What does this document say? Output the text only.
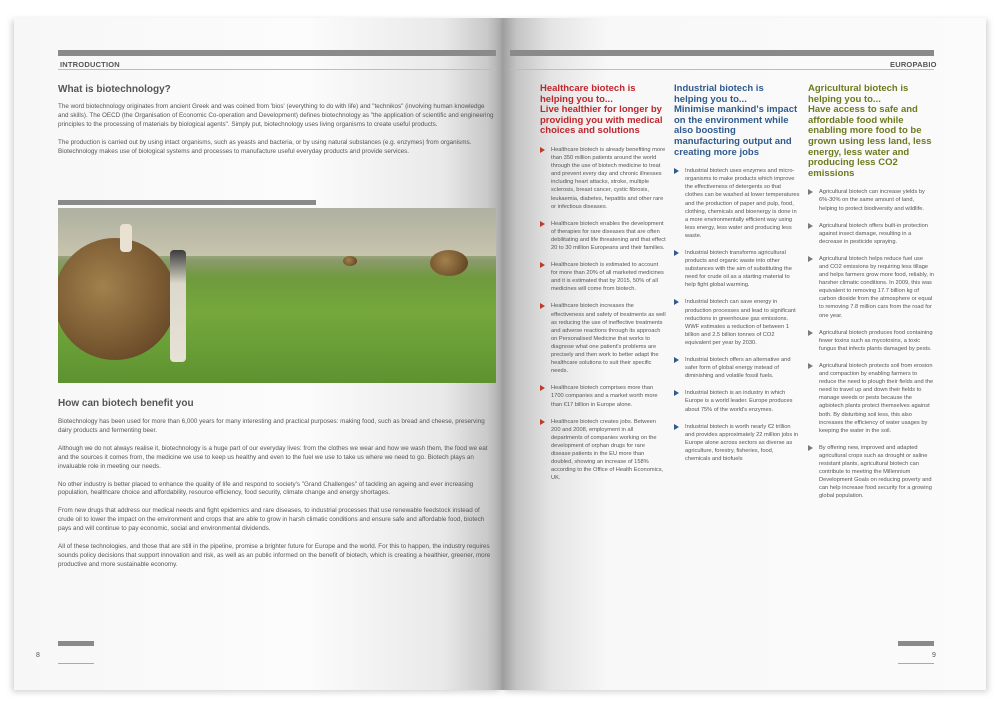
INTRODUCTION
What is biotechnology?

The word biotechnology originates from ancient Greek and was coined from 'bios' (everything to do with life) and "technikos" (involving human knowledge and skills). The OECD (the Organisation of Economic Co-operation and Development) defines biotechnology as "the application of scientific and engineering principles to the processing of materials by biological agents". Simply put, biotechnology uses living organisms to create useful products.

The production is carried out by using intact organisms, such as yeasts and bacteria, or by using natural substances (e.g. enzymes) from organisms. Biotechnology makes use of biological systems and processes to manufacture useful everyday products and provide services.

How can biotech benefit you

Biotechnology has been used for more than 6,000 years for many interesting and practical purposes: making food, such as bread and cheese, preserving dairy products and fermenting beer.

Although we do not always realise it, biotechnology is a huge part of our everyday lives: from the clothes we wear and how we wash them, the food we eat and the sources it comes from, the medicine we use to keep us healthy and even to the fuel we use to take us where we need to go. Biotech plays an invaluable role in meeting our needs.

No other industry is better placed to enhance the quality of life and respond to society's "Grand Challenges" of tackling an ageing and ever increasing population, healthcare choice and affordability, resource efficiency, food security, climate change and energy shortages.

From new drugs that address our medical needs and fight epidemics and rare diseases, to industrial processes that use renewable feedstock instead of crude oil to lower the impact on the environment and crops that are able to grow in harsh climatic conditions and ensure safe and affordable food, biotech pays and will continue to pay economic, social and environmental dividends.

All of these technologies, and those that are still in the pipeline, promise a brighter future for Europe and the world. For this to happen, the industry requires sounds policy decisions that support innovation and risk, as well as an public informed on the benefit of biotech, which is creating a healthier, greener, more productive and more sustainable economy.

8
EUROPABIO
Healthcare biotech is helping you to...
Live healthier for longer by providing you with medical choices and solutions
Healthcare biotech is already benefiting more than 350 million patients around the world through the use of biotech medicine to treat and prevent every day and chronic illnesses including heart attacks, stroke, multiple sclerosis, breast cancer, cystic fibrosis, leukaemia, diabetes, hepatitis and other rare or infectious diseases.
Healthcare biotech enables the development of therapies for rare diseases that are often debilitating and life threatening and that effect 20 to 30 million Europeans and their families.
Healthcare biotech is estimated to account for more than 20% of all marketed medicines and it is estimated that by 2015, 50% of all medicines will come from biotech.
Healthcare biotech increases the effectiveness and safety of treatments as well as reducing the use of ineffective treatments and adverse reactions through its approach on Personalised Medicine that works to diagnose what one patient's problems are precisely and then work to better adapt the healthcare solutions to suit their specific needs.
Healthcare biotech comprises more than 1700 companies and a market worth more than €17 billion in Europe alone.
Healthcare biotech creates jobs. Between 200 and 2008, employment in all departments of companies working on the development of orphan drugs for rare disease patients in the EU more than doubled, showing an increase of 158% according to the Office of Health Economics, UK.
Industrial biotech is helping you to...
Minimise mankind's impact on the environment while also boosting manufacturing output and creating more jobs
Industrial biotech uses enzymes and micro-organisms to make products which improve the effectiveness of detergents so that clothes can be washed at lower temperatures and the production of paper and pulp, food, clothing, chemicals and bioenergy is done in a more environmentally efficient way using less energy, less water and producing less waste.
Industrial biotech transforms agricultural products and organic waste into other substances with the aim of substituting the need for crude oil as a starting material to help fight global warming.
Industrial biotech can save energy in production processes and lead to significant reductions in greenhouse gas emissions. WWF estimates a reduction of between 1 billion and 2.5 billion tonnes of CO2 equivalent per year by 2030.
Industrial biotech offers an alternative and safer form of global energy instead of diminishing and volatile fossil fuels.
Industrial biotech is an industry in which Europe is a world leader. Europe produces about 75% of the world's enzymes.
Industrial biotech is worth nearly €2 trillion and provides approximately 22 million jobs in Europe alone across sectors as diverse as agriculture, forestry, fisheries, food, chemicals and biofuels
Agricultural biotech is helping you to...
Have access to safe and affordable food while enabling more food to be grown using less land, less energy, less water and producing less CO2 emissions
Agricultural biotech can increase yields by 6%-30% on the same amount of land, helping to protect biodiversity and wildlife.
Agricultural biotech offers built-in protection against insect damage, resulting in a decrease in pesticide spraying.
Agricultural biotech helps reduce fuel use and CO2 emissions by requiring less tillage and helps farmers grow more food, reliably, in harsher climatic conditions. In 2009, this was equivalent to removing 17.7 billion kg of carbon dioxide from the atmosphere or equal to removing 7.8 million cars from the road for one year.
Agricultural biotech produces food containing fewer toxins such as mycotoxins, a toxic fungus that infects plants damaged by pests.
Agricultural biotech protects soil from erosion and compaction by enabling farmers to reduce the need to plough their fields and the need to travel up and down their fields to manage weeds or pests because the agbiotech plants protect themselves against both. By disturbing soil less, this also increases the efficiency of water usages by keeping the water in the soil.
By offering new, improved and adapted agricultural crops such as drought or saline resistant plants, agricultural biotech can contribute to meeting the Millennium Development Goals on reducing poverty and can help increase food security for a growing global population.
9
